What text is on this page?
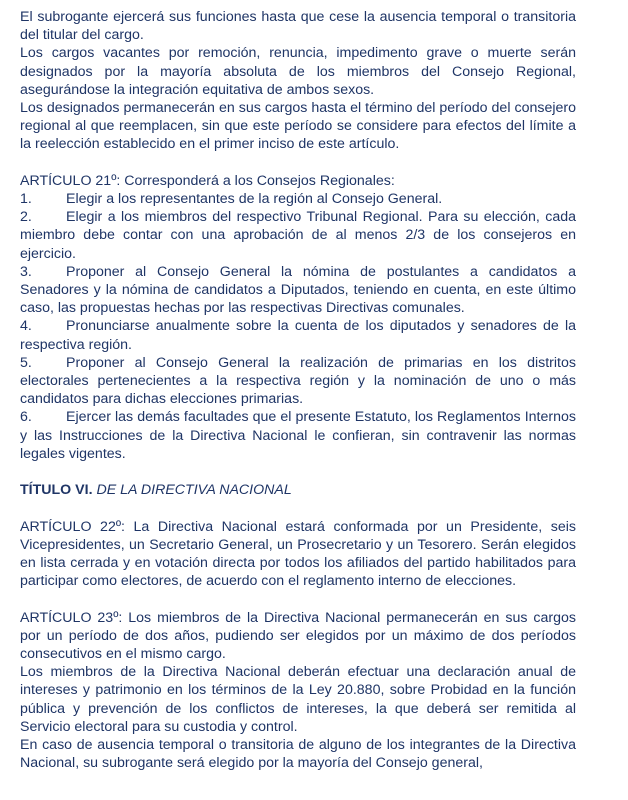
El subrogante ejercerá sus funciones hasta que cese la ausencia temporal o transitoria del titular del cargo.

Los cargos vacantes por remoción, renuncia, impedimento grave o muerte serán designados por la mayoría absoluta de los miembros del Consejo Regional, asegurándose la integración equitativa de ambos sexos.

Los designados permanecerán en sus cargos hasta el término del período del consejero regional al que reemplacen, sin que este período se considere para efectos del límite a la reelección establecido en el primer inciso de este artículo.

ARTÍCULO 21º: Corresponderá a los Consejos Regionales:

1. Elegir a los representantes de la región al Consejo General.

2. Elegir a los miembros del respectivo Tribunal Regional. Para su elección, cada miembro debe contar con una aprobación de al menos 2/3 de los consejeros en ejercicio.

3. Proponer al Consejo General la nómina de postulantes a candidatos a Senadores y la nómina de candidatos a Diputados, teniendo en cuenta, en este último caso, las propuestas hechas por las respectivas Directivas comunales.

4. Pronunciarse anualmente sobre la cuenta de los diputados y senadores de la respectiva región.

5. Proponer al Consejo General la realización de primarias en los distritos electorales pertenecientes a la respectiva región y la nominación de uno o más candidatos para dichas elecciones primarias.

6. Ejercer las demás facultades que el presente Estatuto, los Reglamentos Internos y las Instrucciones de la Directiva Nacional le confieran, sin contravenir las normas legales vigentes.

TÍTULO VI. DE LA DIRECTIVA NACIONAL

ARTÍCULO 22º: La Directiva Nacional estará conformada por un Presidente, seis Vicepresidentes, un Secretario General, un Prosecretario y un Tesorero. Serán elegidos en lista cerrada y en votación directa por todos los afiliados del partido habilitados para participar como electores, de acuerdo con el reglamento interno de elecciones.

ARTÍCULO 23º: Los miembros de la Directiva Nacional permanecerán en sus cargos por un período de dos años, pudiendo ser elegidos por un máximo de dos períodos consecutivos en el mismo cargo.

Los miembros de la Directiva Nacional deberán efectuar una declaración anual de intereses y patrimonio en los términos de la Ley 20.880, sobre Probidad en la función pública y prevención de los conflictos de intereses, la que deberá ser remitida al Servicio electoral para su custodia y control.

En caso de ausencia temporal o transitoria de alguno de los integrantes de la Directiva Nacional, su subrogante será elegido por la mayoría del Consejo general,
